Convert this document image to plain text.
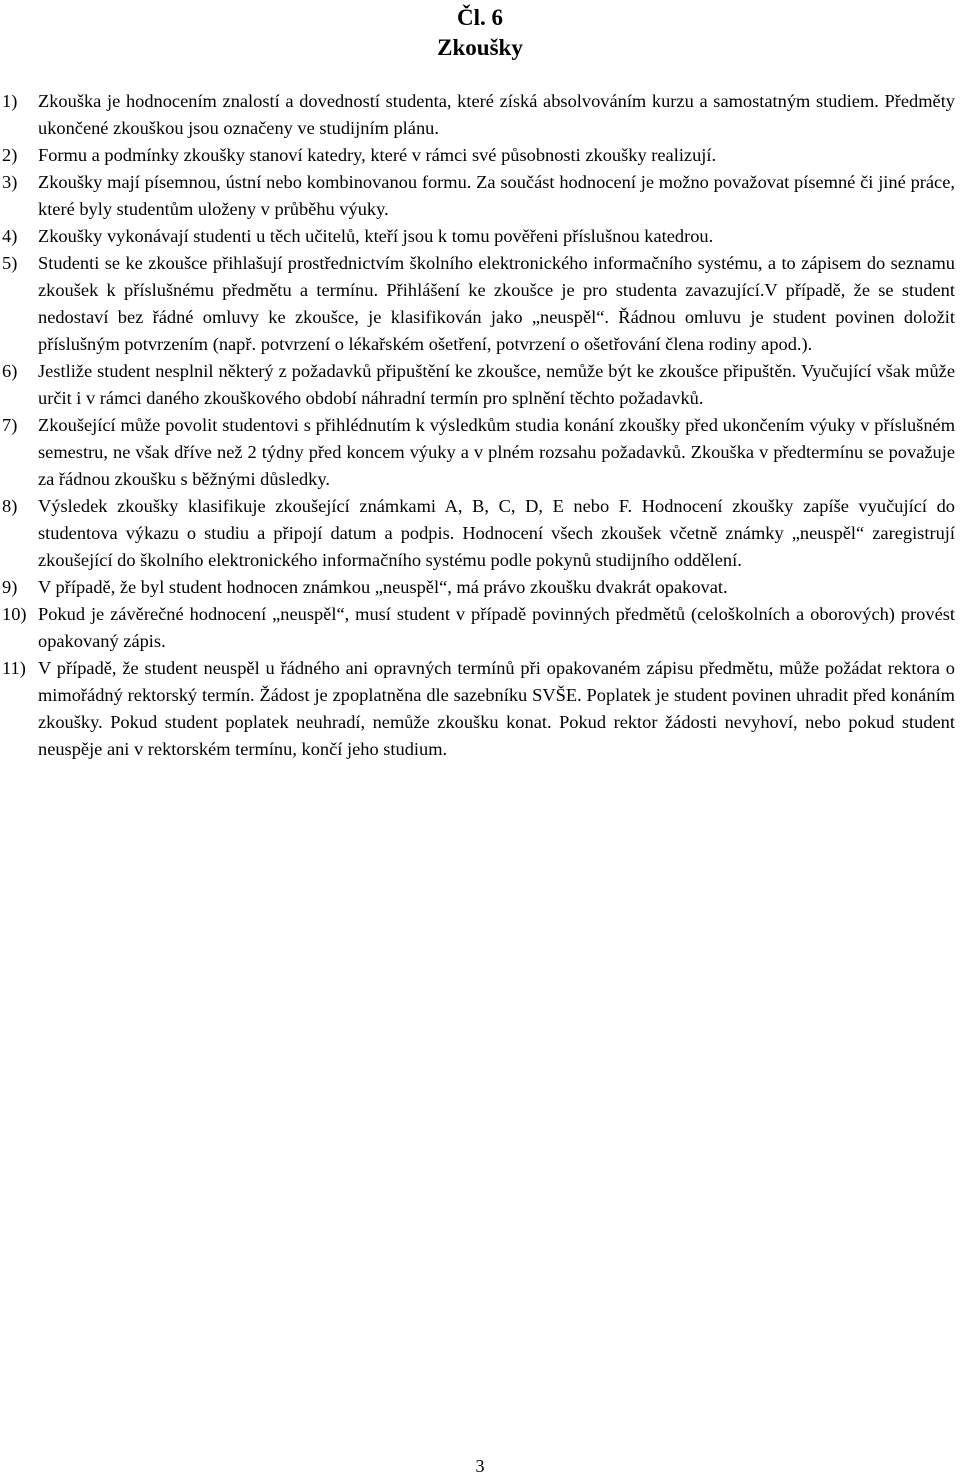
Čl. 6
Zkoušky
1) Zkouška je hodnocením znalostí a dovedností studenta, které získá absolvováním kurzu a samostatným studiem. Předměty ukončené zkouškou jsou označeny ve studijním plánu.
2) Formu a podmínky zkoušky stanoví katedry, které v rámci své působnosti zkoušky realizují.
3) Zkoušky mají písemnou, ústní nebo kombinovanou formu. Za součást hodnocení je možno považovat písemné či jiné práce, které byly studentům uloženy v průběhu výuky.
4) Zkoušky vykonávají studenti u těch učitelů, kteří jsou k tomu pověřeni příslušnou katedrou.
5) Studenti se ke zkoušce přihlašují prostřednictvím školního elektronického informačního systému, a to zápisem do seznamu zkoušek k příslušnému předmětu a termínu. Přihlášení ke zkoušce je pro studenta zavazující.V případě, že se student nedostaví bez řádné omluvy ke zkoušce, je klasifikován jako „neuspěl“. Řádnou omluvu je student povinen doložit příslušným potvrzením (např. potvrzení o lékařském ošetření, potvrzení o ošetřování člena rodiny apod.).
6) Jestliže student nesplnil některý z požadavků připuštění ke zkoušce, nemůže být ke zkoušce připuštěn. Vyučující však může určit i v rámci daného zkouškového období náhradní termín pro splnění těchto požadavků.
7) Zkoušející může povolit studentovi s přihlédnutím k výsledkům studia konání zkoušky před ukončením výuky v příslušném semestru, ne však dříve než 2 týdny před koncem výuky a v plném rozsahu požadavků. Zkouška v předtermínu se považuje za řádnou zkoušku s běžnými důsledky.
8) Výsledek zkoušky klasifikuje zkoušející známkami A, B, C, D, E nebo F. Hodnocení zkoušky zapíše vyučující do studentova výkazu o studiu a připojí datum a podpis. Hodnocení všech zkoušek včetně známky „neuspěl“ zaregistrují zkoušející do školního elektronického informačního systému podle pokynů studijního oddělení.
9) V případě, že byl student hodnocen známkou „neuspěl“, má právo zkoušku dvakrát opakovat.
10) Pokud je závěrečné hodnocení „neuspěl“, musí student v případě povinných předmětů (celoškolních a oborových) provést opakovaný zápis.
11) V případě, že student neuspěl u řádného ani opravných termínů při opakovaném zápisu předmětu, může požádat rektora o mimořádný rektorský termín. Žádost je zpoplatněna dle sazebníku SVŠE. Poplatek je student povinen uhradit před konáním zkoušky. Pokud student poplatek neuhradí, nemůže zkoušku konat. Pokud rektor žádosti nevyhoví, nebo pokud student neuspěje ani v rektorském termínu, končí jeho studium.
3
